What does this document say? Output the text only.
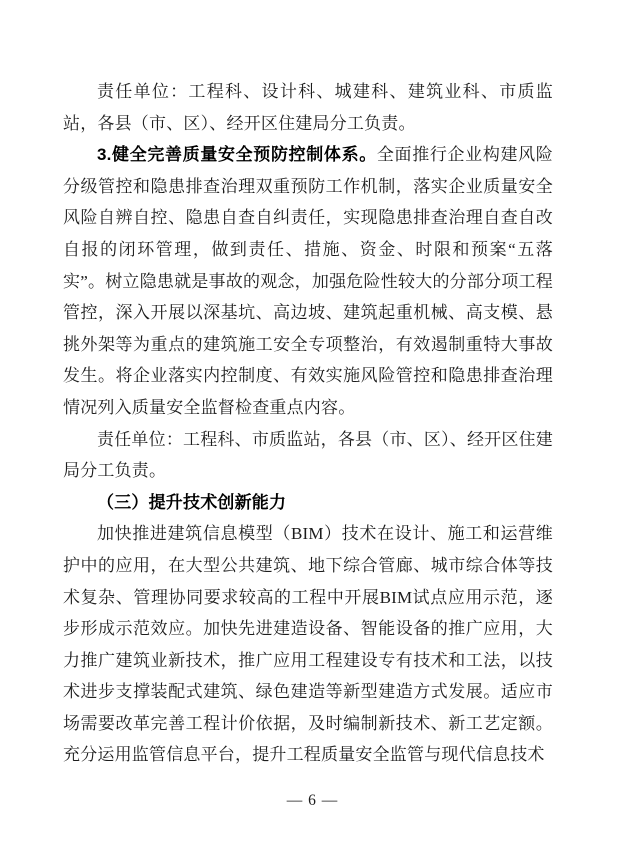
责任单位：工程科、设计科、城建科、建筑业科、市质监站，各县（市、区）、经开区住建局分工负责。

3.健全完善质量安全预防控制体系。全面推行企业构建风险分级管控和隐患排查治理双重预防工作机制，落实企业质量安全风险自辨自控、隐患自查自纠责任，实现隐患排查治理自查自改自报的闭环管理，做到责任、措施、资金、时限和预案“五落实”。树立隐患就是事故的观念，加强危险性较大的分部分项工程管控，深入开展以深基坑、高边坡、建筑起重机械、高支模、悬挑外架等为重点的建筑施工安全专项整治，有效遏制重特大事故发生。将企业落实内控制度、有效实施风险管控和隐患排查治理情况列入质量安全监督检查重点内容。

责任单位：工程科、市质监站，各县（市、区）、经开区住建局分工负责。

（三）提升技术创新能力

加快推进建筑信息模型（BIM）技术在设计、施工和运营维护中的应用，在大型公共建筑、地下综合管廊、城市综合体等技术复杂、管理协同要求较高的工程中开展BIM试点应用示范，逐步形成示范效应。加快先进建造设备、智能设备的推广应用，大力推广建筑业新技术，推广应用工程建设专有技术和工法，以技术进步支撑装配式建筑、绿色建造等新型建造方式发展。适应市场需要改革完善工程计价依据，及时编制新技术、新工艺定额。充分运用监管信息平台，提升工程质量安全监管与现代信息技术

— 6 —
